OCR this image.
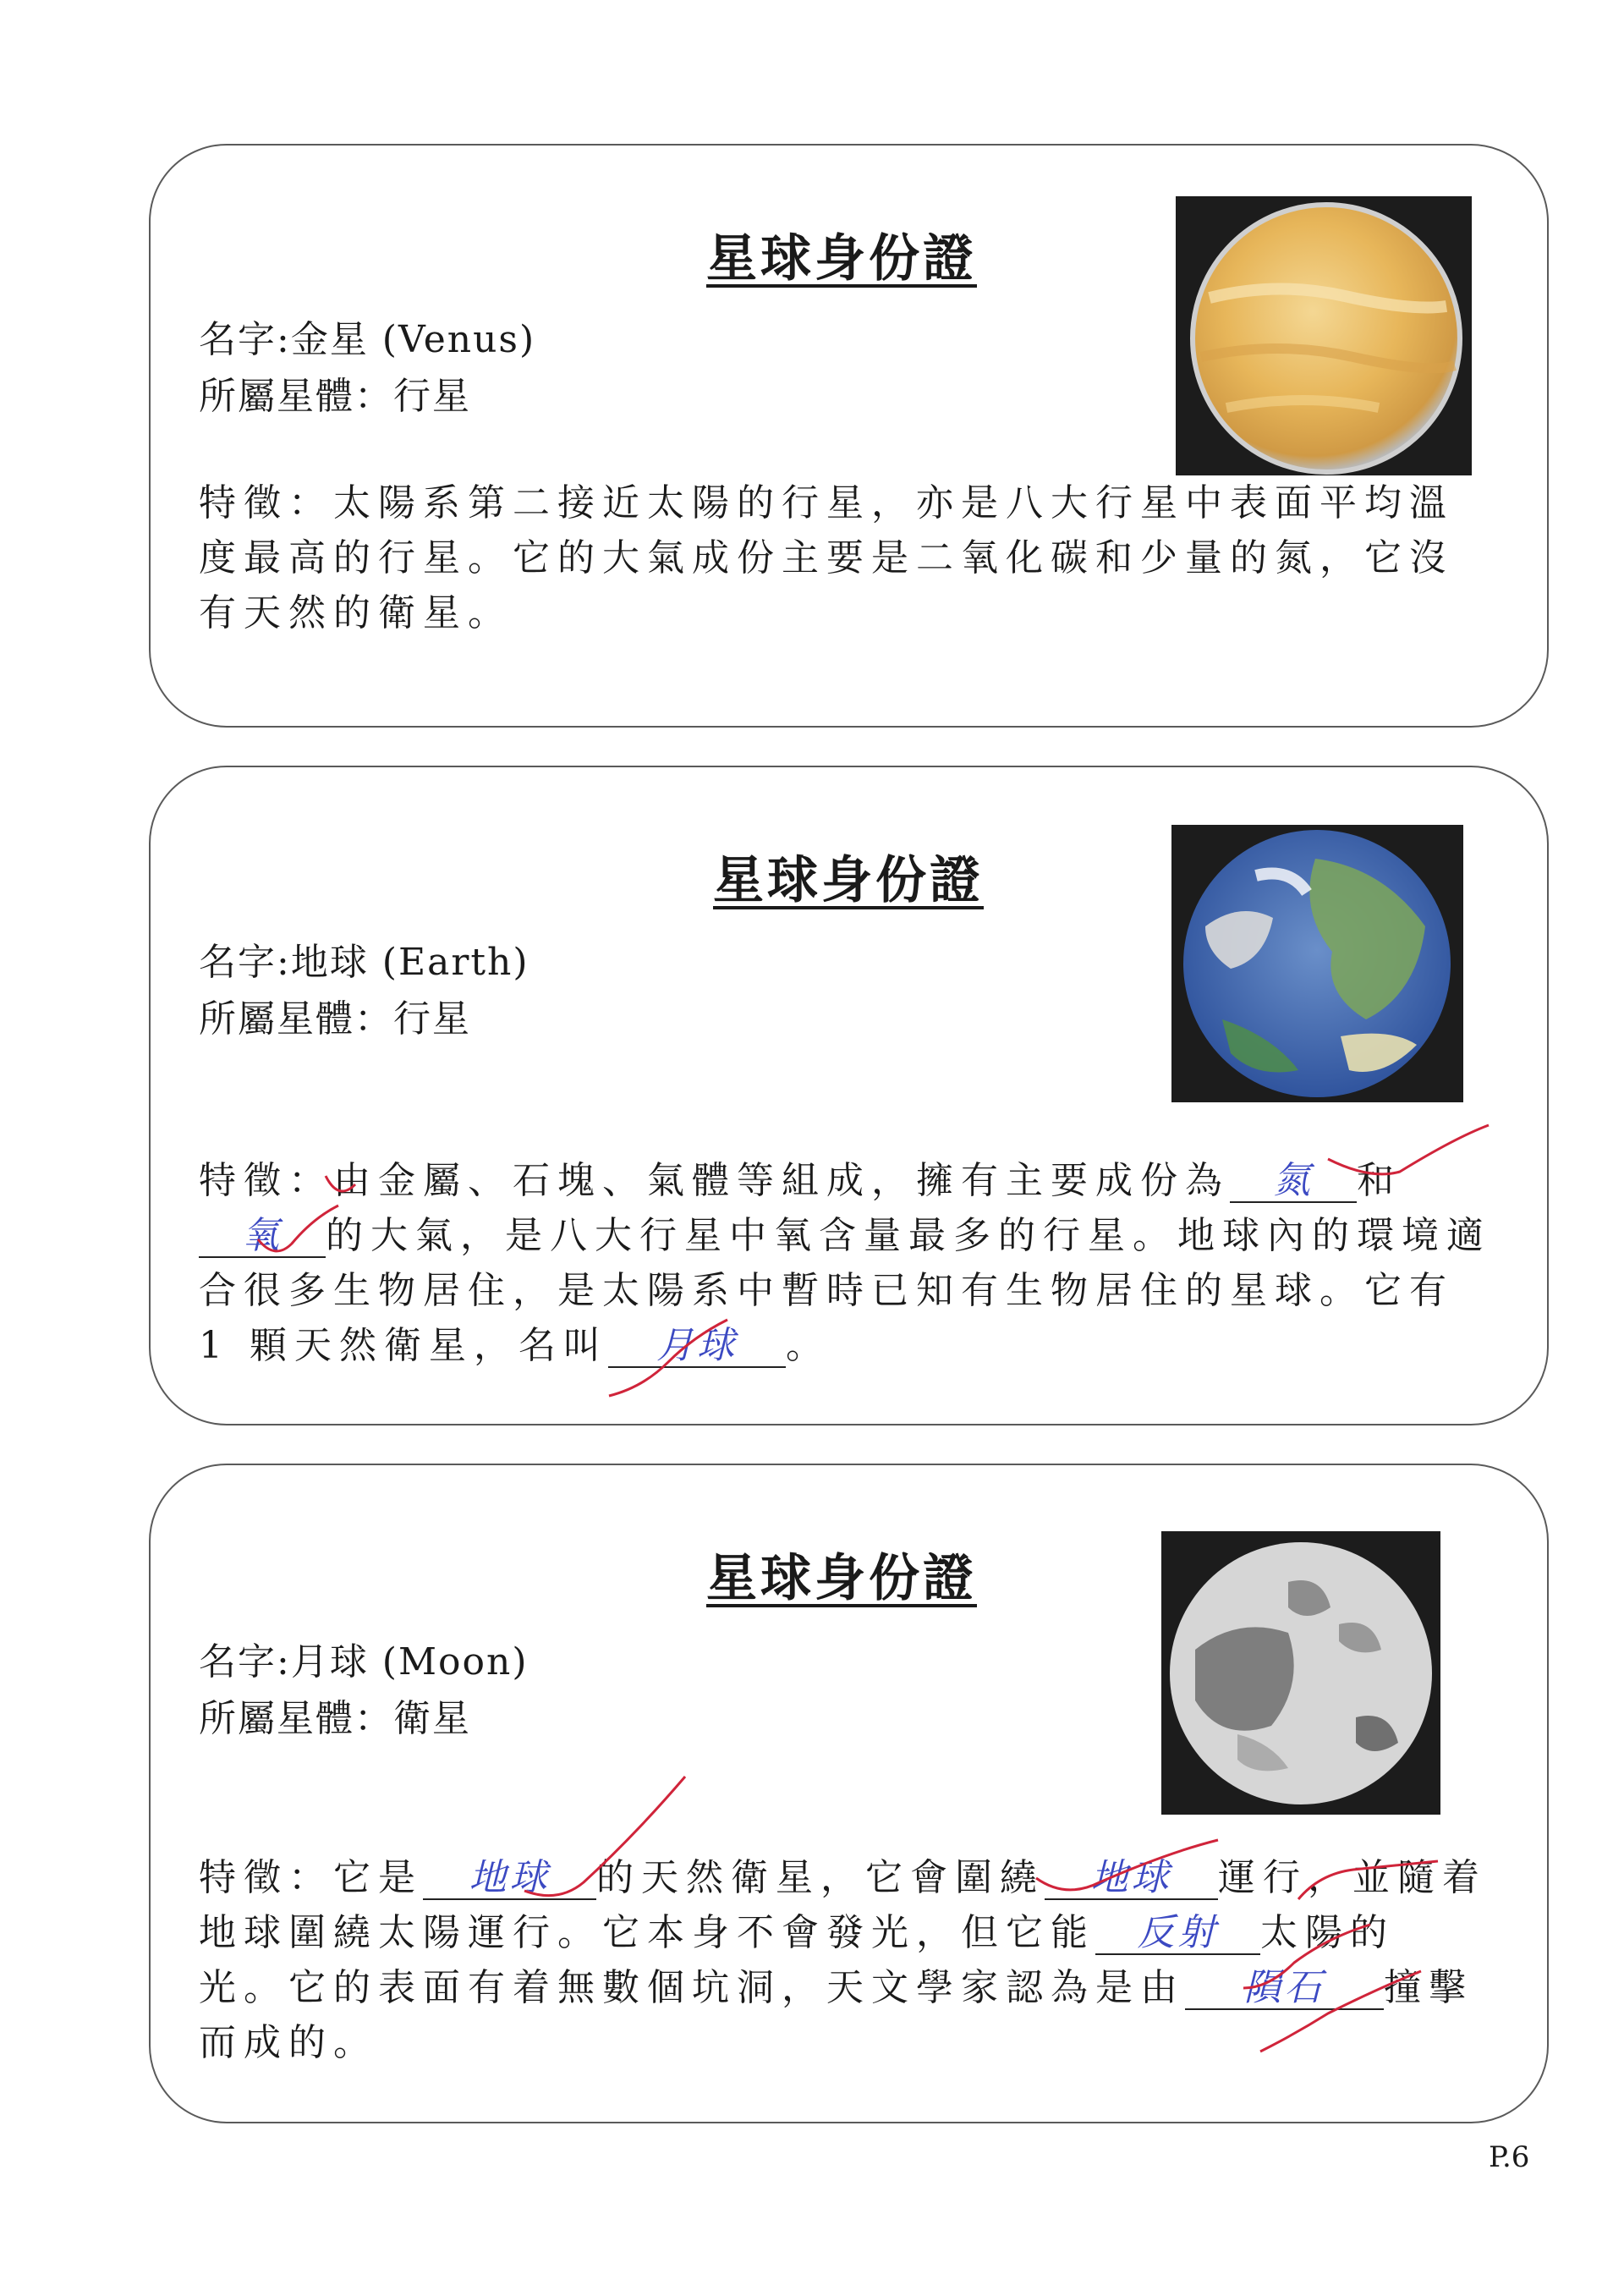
星球身份證
名字:金星 (Venus)
所屬星體：行星
特徵：太陽系第二接近太陽的行星，亦是八大行星中表面平均溫
度最高的行星。它的大氣成份主要是二氧化碳和少量的氮，它沒
有天然的衛星。
星球身份證
名字:地球 (Earth)
所屬星體：行星
特徵：由金屬、石塊、氣體等組成，擁有主要成份為 氮 和
氧 的大氣，是八大行星中氧含量最多的行星。地球內的環境適
合很多生物居住，是太陽系中暫時已知有生物居住的星球。它有
1 顆天然衛星，名叫 月球 。
星球身份證
名字:月球 (Moon)
所屬星體：衛星
特徵：它是 地球 的天然衛星，它會圍繞 地球 運行，並隨着
地球圍繞太陽運行。它本身不會發光，但它能 反射 太陽的
光。它的表面有着無數個坑洞，天文學家認為是由 隕石 撞擊
而成的。
P.6
